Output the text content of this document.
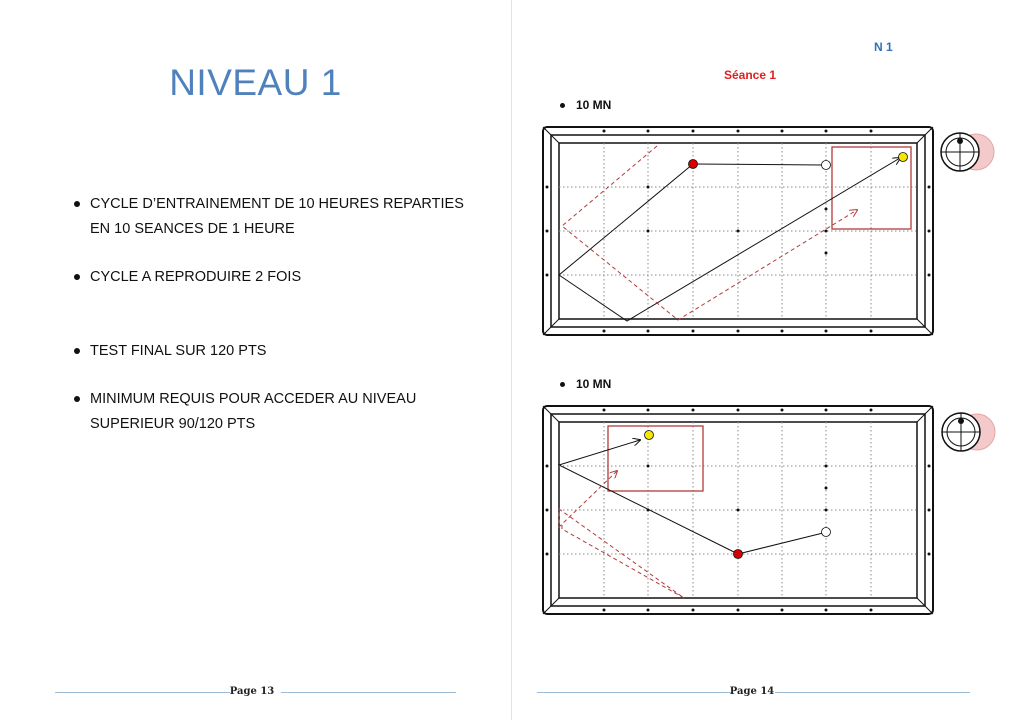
NIVEAU 1
CYCLE D’ENTRAINEMENT DE 10 HEURES REPARTIES
EN 10 SEANCES DE 1 HEURE
CYCLE A REPRODUIRE 2 FOIS
TEST FINAL SUR 120 PTS
MINIMUM REQUIS POUR ACCEDER AU NIVEAU
SUPERIEUR 90/120 PTS
Page 13
N 1
Séance 1
10 MN
10 MN
Page 14
